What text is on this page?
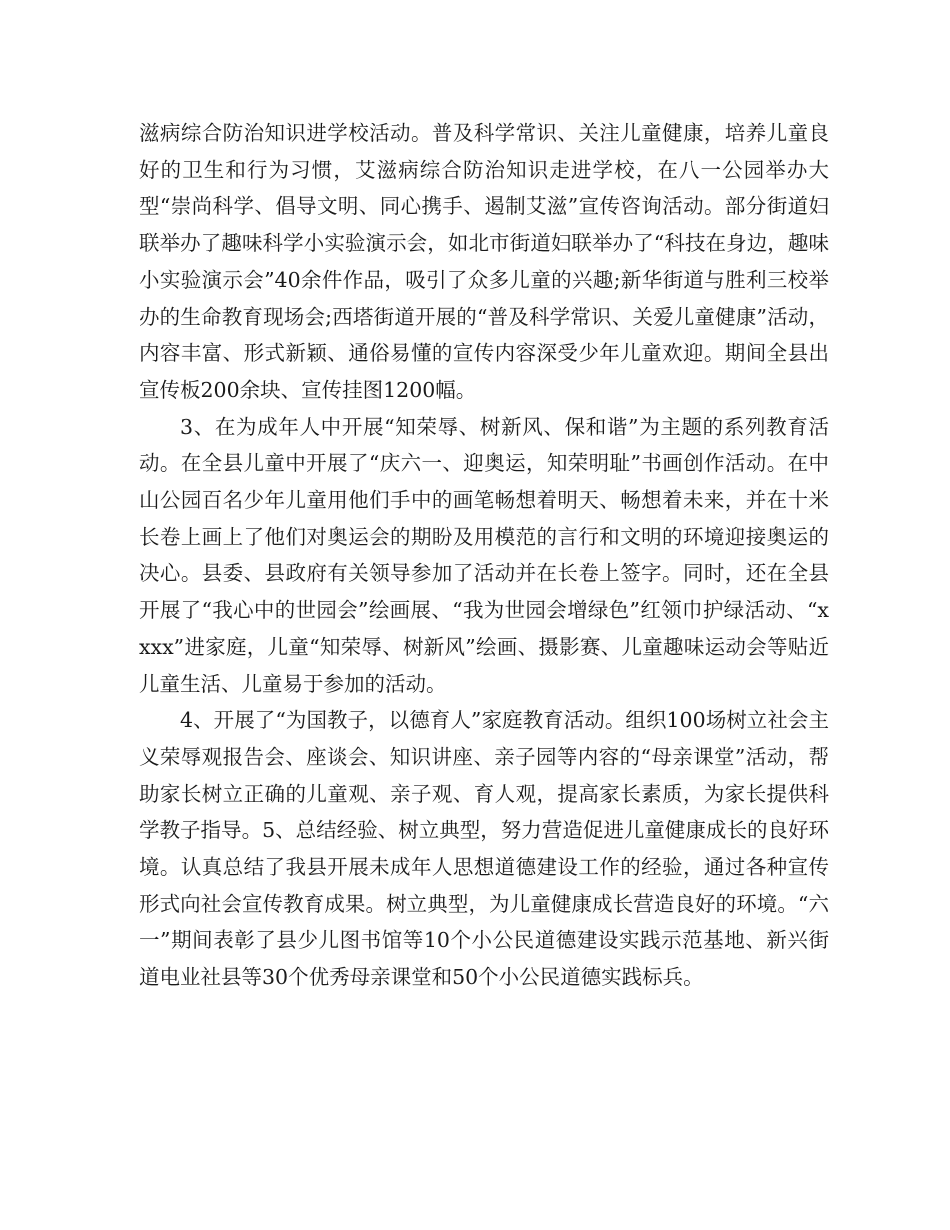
滋病综合防治知识进学校活动。普及科学常识、关注儿童健康，培养儿童良好的卫生和行为习惯，艾滋病综合防治知识走进学校，在八一公园举办大型“崇尚科学、倡导文明、同心携手、遏制艾滋”宣传咨询活动。部分街道妇联举办了趣味科学小实验演示会，如北市街道妇联举办了“科技在身边，趣味小实验演示会”40余件作品，吸引了众多儿童的兴趣;新华街道与胜利三校举办的生命教育现场会;西塔街道开展的“普及科学常识、关爱儿童健康”活动，内容丰富、形式新颖、通俗易懂的宣传内容深受少年儿童欢迎。期间全县出宣传板200余块、宣传挂图1200幅。

3、在为成年人中开展“知荣辱、树新风、保和谐”为主题的系列教育活动。在全县儿童中开展了“庆六一、迎奥运，知荣明耻”书画创作活动。在中山公园百名少年儿童用他们手中的画笔畅想着明天、畅想着未来，并在十米长卷上画上了他们对奥运会的期盼及用模范的言行和文明的环境迎接奥运的决心。县委、县政府有关领导参加了活动并在长卷上签字。同时，还在全县开展了“我心中的世园会”绘画展、“我为世园会增绿色”红领巾护绿活动、“xxxx”进家庭，儿童“知荣辱、树新风”绘画、摄影赛、儿童趣味运动会等贴近儿童生活、儿童易于参加的活动。

4、开展了“为国教子，以德育人”家庭教育活动。组织100场树立社会主义荣辱观报告会、座谈会、知识讲座、亲子园等内容的“母亲课堂”活动，帮助家长树立正确的儿童观、亲子观、育人观，提高家长素质，为家长提供科学教子指导。5、总结经验、树立典型，努力营造促进儿童健康成长的良好环境。认真总结了我县开展未成年人思想道德建设工作的经验，通过各种宣传形式向社会宣传教育成果。树立典型，为儿童健康成长营造良好的环境。“六一”期间表彰了县少儿图书馆等10个小公民道德建设实践示范基地、新兴街道电业社县等30个优秀母亲课堂和50个小公民道德实践标兵。
